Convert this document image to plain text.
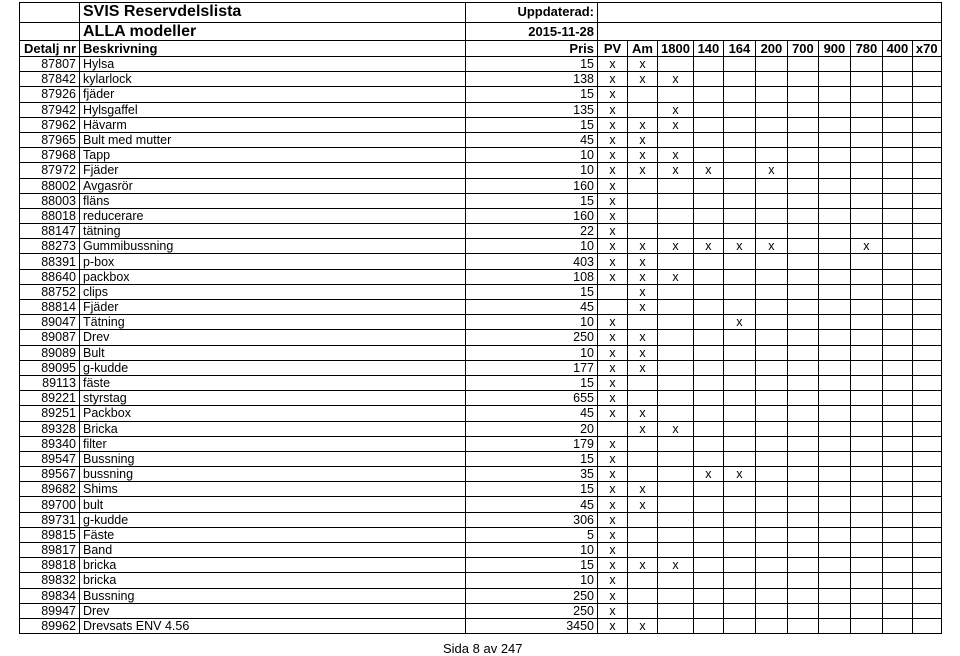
	SVIS Reservdelslista	Uppdaterad:											
	ALLA modeller	2015-11-28											
Detalj nr	Beskrivning	Pris	PV	Am	1800	140	164	200	700	900	780	400	x70
87807	Hylsa	15	x	x									
87842	kylarlock	138	x	x	x								
87926	fjäder	15	x										
87942	Hylsgaffel	135	x		x								
87962	Hävarm	15	x	x	x								
87965	Bult med mutter	45	x	x									
87968	Tapp	10	x	x	x								
87972	Fjäder	10	x	x	x	x		x					
88002	Avgasrör	160	x										
88003	fläns	15	x										
88018	reducerare	160	x										
88147	tätning	22	x										
88273	Gummibussning	10	x	x	x	x	x	x			x		
88391	p-box	403	x	x									
88640	packbox	108	x	x	x								
88752	clips	15		x									
88814	Fjäder	45		x									
89047	Tätning	10	x				x						
89087	Drev	250	x	x									
89089	Bult	10	x	x									
89095	g-kudde	177	x	x									
89113	fäste	15	x										
89221	styrstag	655	x										
89251	Packbox	45	x	x									
89328	Bricka	20		x	x								
89340	filter	179	x										
89547	Bussning	15	x										
89567	bussning	35	x			x	x						
89682	Shims	15	x	x									
89700	bult	45	x	x									
89731	g-kudde	306	x										
89815	Fäste	5	x										
89817	Band	10	x										
89818	bricka	15	x	x	x								
89832	bricka	10	x										
89834	Bussning	250	x										
89947	Drev	250	x										
89962	Drevsats ENV 4.56	3450	x	x									
Sida 8 av 247
